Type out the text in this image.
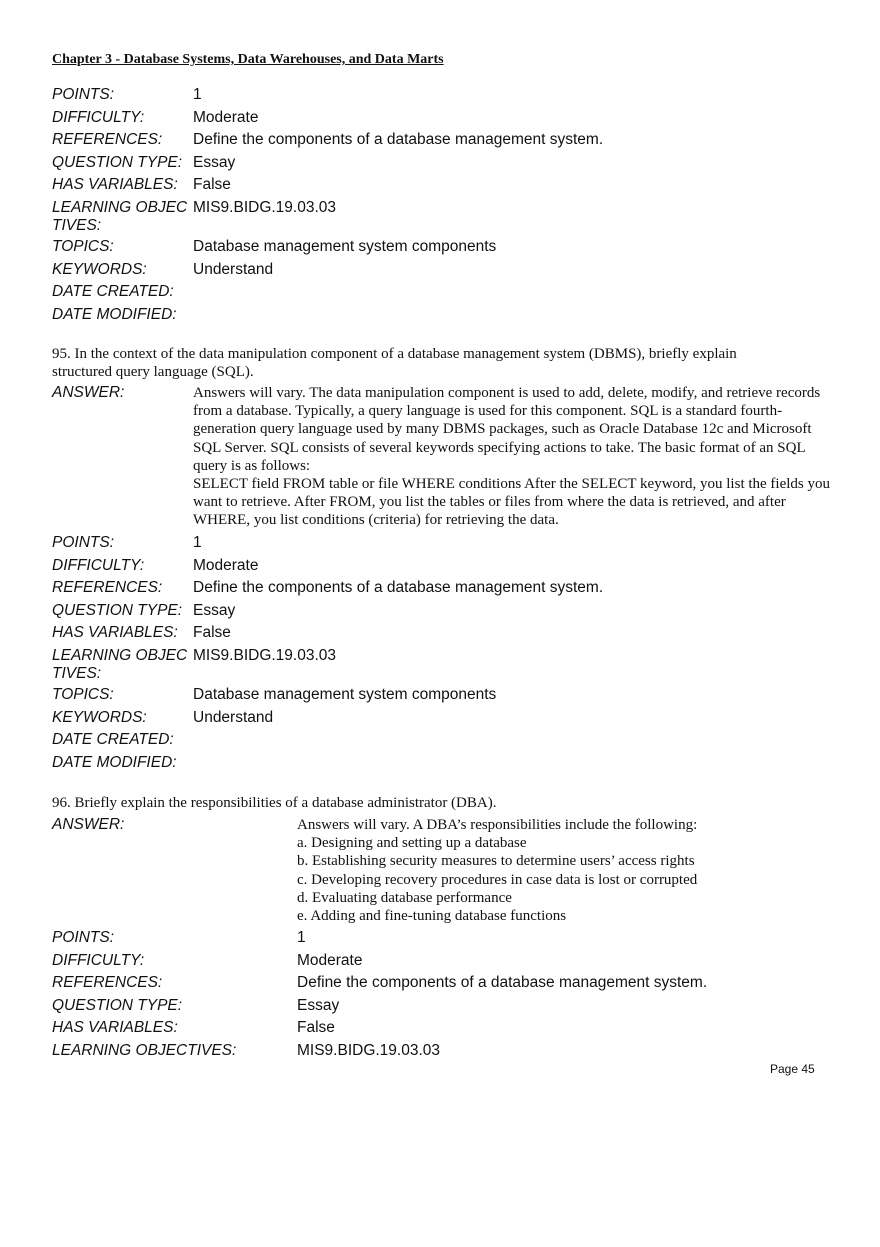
Chapter 3 - Database Systems, Data Warehouses, and Data Marts
POINTS:	1
DIFFICULTY:	Moderate
REFERENCES:	Define the components of a database management system.
QUESTION TYPE: Essay
HAS VARIABLES: False
LEARNING OBJEC TIVES:
MIS9.BIDG.19.03.03
TOPICS:	Database management system components
KEYWORDS:	Understand
DATE CREATED:
DATE MODIFIED:
95. In the context of the data manipulation component of a database management system (DBMS), briefly explain structured query language (SQL).
ANSWER:	Answers will vary. The data manipulation component is used to add, delete, modify, and retrieve records from a database. Typically, a query language is used for this component. SQL is a standard fourth-generation query language used by many DBMS packages, such as Oracle Database 12c and Microsoft SQL Server. SQL consists of several keywords specifying actions to take. The basic format of an SQL query is as follows:
SELECT field FROM table or file WHERE conditions After the SELECT keyword, you list the fields you want to retrieve. After FROM, you list the tables or files from where the data is retrieved, and after WHERE, you list conditions (criteria) for retrieving the data.
POINTS:	1
DIFFICULTY:	Moderate
REFERENCES:	Define the components of a database management system.
QUESTION TYPE: Essay
HAS VARIABLES: False
LEARNING OBJEC TIVES:
MIS9.BIDG.19.03.03
TOPICS:	Database management system components
KEYWORDS:	Understand
DATE CREATED:
DATE MODIFIED:
96. Briefly explain the responsibilities of a database administrator (DBA).
ANSWER:	Answers will vary. A DBA’s responsibilities include the following:
a. Designing and setting up a database
b. Establishing security measures to determine users’ access rights
c. Developing recovery procedures in case data is lost or corrupted
d. Evaluating database performance
e. Adding and fine-tuning database functions
POINTS:	1
DIFFICULTY:	Moderate
REFERENCES:	Define the components of a database management system.
QUESTION TYPE:	Essay
HAS VARIABLES:	False
LEARNING OBJECTIVES:	MIS9.BIDG.19.03.03
Page 45
